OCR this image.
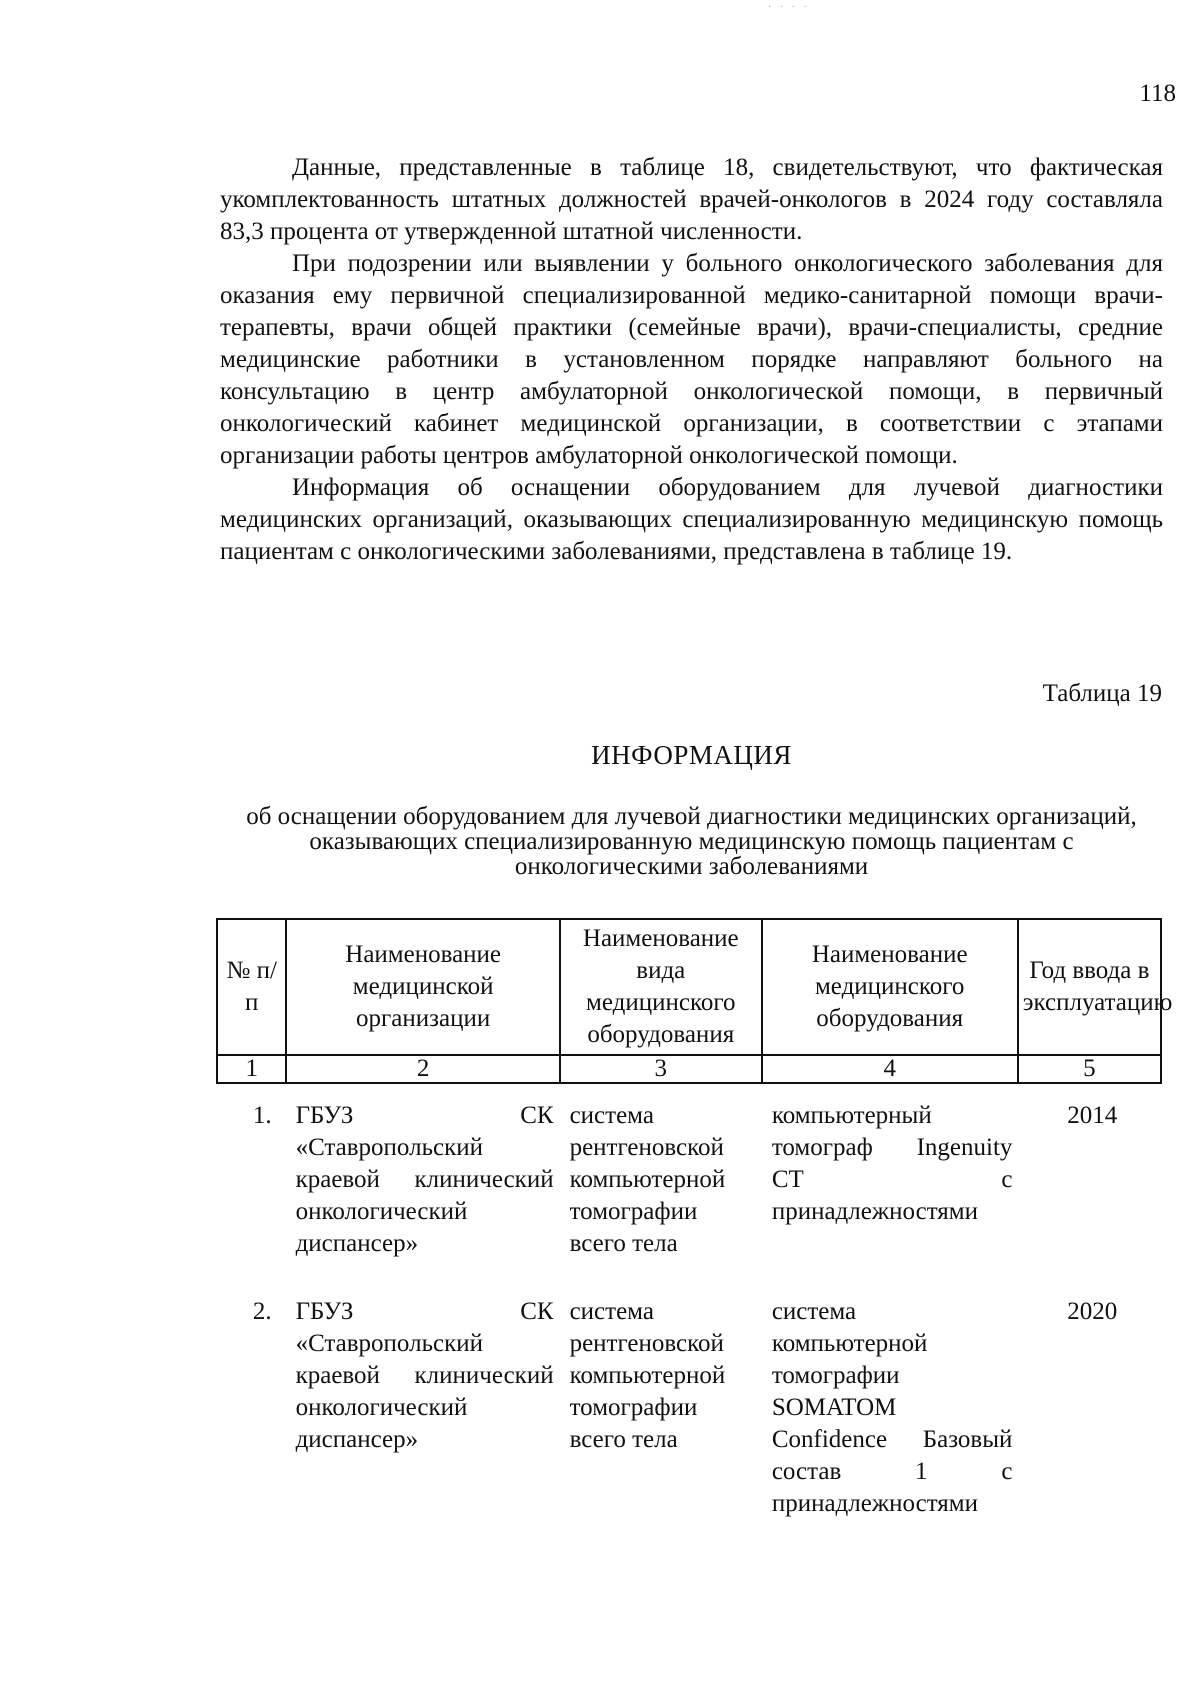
· · · ·
118

Данные, представленные в таблице 18, свидетельствуют, что фактическая укомплектованность штатных должностей врачей-онкологов в 2024 году составляла 83,3 процента от утвержденной штатной численности.

При подозрении или выявлении у больного онкологического заболевания для оказания ему первичной специализированной медико-санитарной помощи врачи-терапевты, врачи общей практики (семейные врачи), врачи-специалисты, средние медицинские работники в установленном порядке направляют больного на консультацию в центр амбулаторной онкологической помощи, в первичный онкологический кабинет медицинской организации, в соответствии с этапами организации работы центров амбулаторной онкологической помощи.

Информация об оснащении оборудованием для лучевой диагностики медицинских организаций, оказывающих специализированную медицинскую помощь пациентам с онкологическими заболеваниями, представлена в таблице 19.

Таблица 19
ИНФОРМАЦИЯ
об оснащении оборудованием для лучевой диагностики медицинских организаций, оказывающих специализированную медицинскую помощь пациентам с онкологическими заболеваниями
№ п/п	Наименование медицинской организации	Наименование вида медицинского оборудования	Наименование медицинского оборудования	Год ввода в эксплуатацию
1	2	3	4	5
1.	ГБУЗ СК «Ставропольский краевой клинический онкологический диспансер»	система рентгеновской компьютерной томографии всего тела	компьютерный томограф Ingenuity CT с принадлежностями	2014

2.	ГБУЗ СК «Ставропольский краевой клинический онкологический диспансер»	система рентгеновской компьютерной томографии всего тела	система компьютерной томографии SOMATOM Confidence Базовый состав 1 с принадлежностями	2020
